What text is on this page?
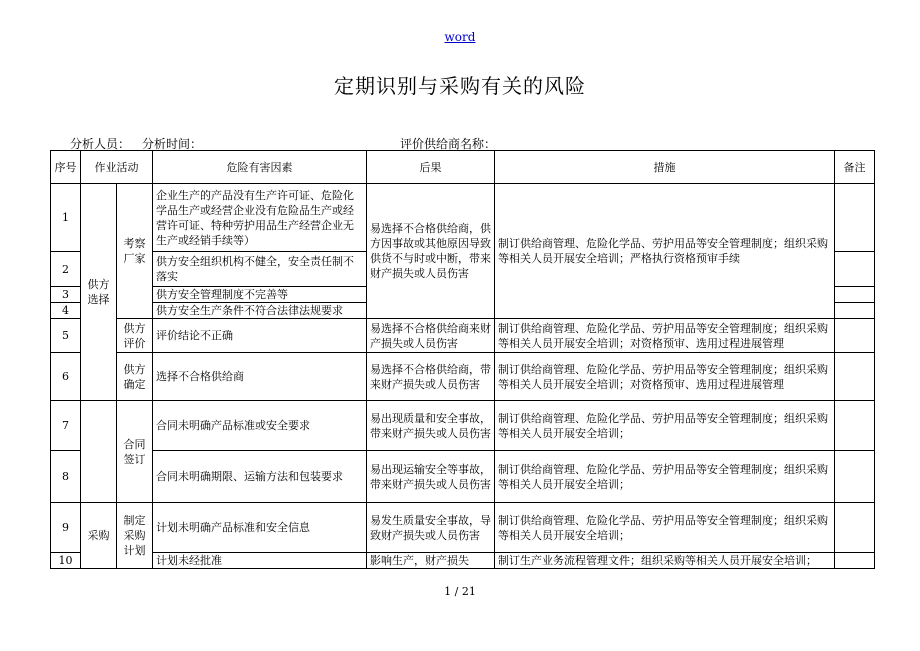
word
定期识别与采购有关的风险
分析人员： 分析时间：	评价供给商名称：
序号	作业活动		危险有害因素	后果	措施	备注
1	供方选择	考察厂家	企业生产的产品没有生产许可证、危险化学品生产或经营企业没有危险品生产或经营许可证、特种劳护用品生产经营企业无生产或经销手续等）	易选择不合格供给商，供方因事故或其他原因导致供货不与时或中断，带来财产损失或人员伤害	制订供给商管理、危险化学品、劳护用品等安全管理制度；组织采购等相关人员开展安全培训；严格执行资格预审手续	
2			供方安全组织机构不健全，安全责任制不落实			
3			供方安全管理制度不完善等			
4			供方安全生产条件不符合法律法规要求			
5		供方评价	评价结论不正确	易选择不合格供给商来财产损失或人员伤害	制订供给商管理、危险化学品、劳护用品等安全管理制度；组织采购等相关人员开展安全培训；对资格预审、选用过程进展管理	
6		供方确定	选择不合格供给商	易选择不合格供给商，带来财产损失或人员伤害	制订供给商管理、危险化学品、劳护用品等安全管理制度；组织采购等相关人员开展安全培训；对资格预审、选用过程进展管理	
7		合同签订	合同未明确产品标准或安全要求	易出现质量和安全事故，带来财产损失或人员伤害	制订供给商管理、危险化学品、劳护用品等安全管理制度；组织采购等相关人员开展安全培训；	
8			合同未明确期限、运输方法和包装要求	易出现运输安全等事故，带来财产损失或人员伤害	制订供给商管理、危险化学品、劳护用品等安全管理制度；组织采购等相关人员开展安全培训；	
9	采购	制定采购计划	计划未明确产品标准和安全信息	易发生质量安全事故，导致财产损失或人员伤害	制订供给商管理、危险化学品、劳护用品等安全管理制度；组织采购等相关人员开展安全培训；	
10			计划未经批准	影响生产，财产损失	制订生产业务流程管理文件；组织采购等相关人员开展安全培训；	
1 / 21
